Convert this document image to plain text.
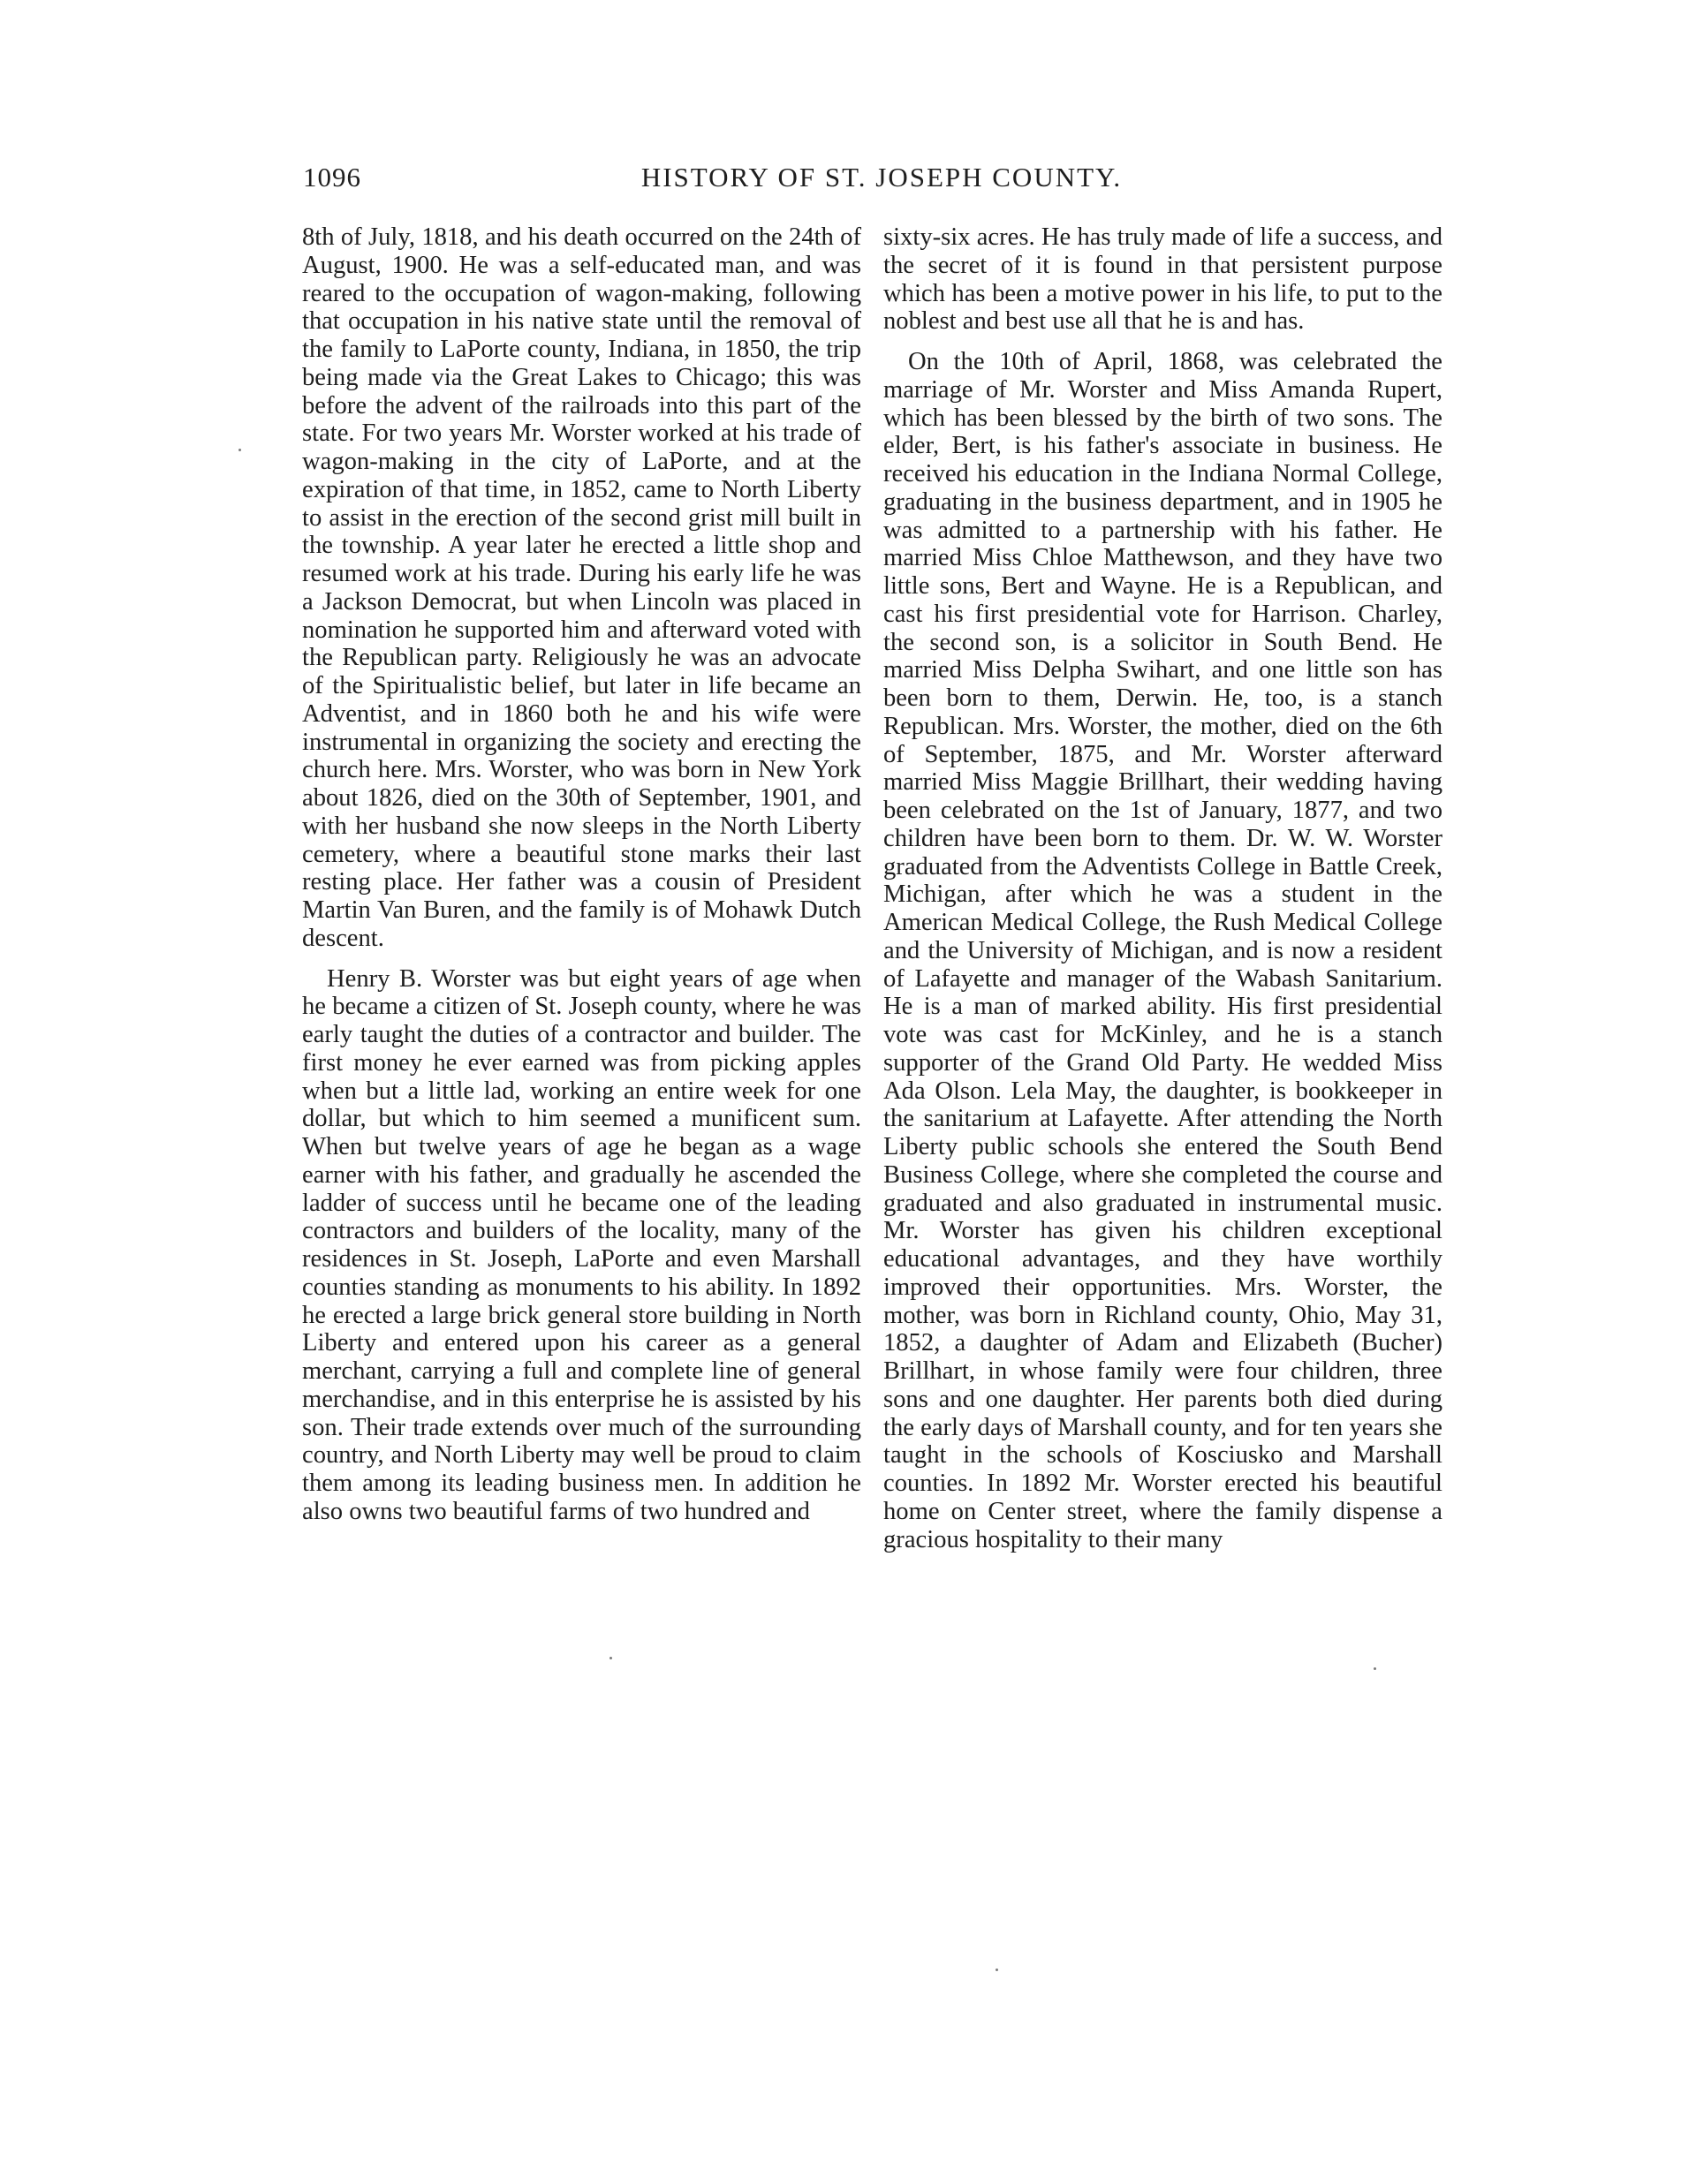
1096	HISTORY OF ST. JOSEPH COUNTY.

8th of July, 1818, and his death occurred on the 24th of August, 1900. He was a self-educated man, and was reared to the occupation of wagon-making, following that occupation in his native state until the removal of the family to LaPorte county, Indiana, in 1850, the trip being made via the Great Lakes to Chicago; this was before the advent of the railroads into this part of the state. For two years Mr. Worster worked at his trade of wagon-making in the city of LaPorte, and at the expiration of that time, in 1852, came to North Liberty to assist in the erection of the second grist mill built in the township. A year later he erected a little shop and resumed work at his trade. During his early life he was a Jackson Democrat, but when Lincoln was placed in nomination he supported him and afterward voted with the Republican party. Religiously he was an advocate of the Spiritualistic belief, but later in life became an Adventist, and in 1860 both he and his wife were instrumental in organizing the society and erecting the church here. Mrs. Worster, who was born in New York about 1826, died on the 30th of September, 1901, and with her husband she now sleeps in the North Liberty cemetery, where a beautiful stone marks their last resting place. Her father was a cousin of President Martin Van Buren, and the family is of Mohawk Dutch descent.

Henry B. Worster was but eight years of age when he became a citizen of St. Joseph county, where he was early taught the duties of a contractor and builder. The first money he ever earned was from picking apples when but a little lad, working an entire week for one dollar, but which to him seemed a munificent sum. When but twelve years of age he began as a wage earner with his father, and gradually he ascended the ladder of success until he became one of the leading contractors and builders of the locality, many of the residences in St. Joseph, LaPorte and even Marshall counties standing as monuments to his ability. In 1892 he erected a large brick general store building in North Liberty and entered upon his career as a general merchant, carrying a full and complete line of general merchandise, and in this enterprise he is assisted by his son. Their trade extends over much of the surrounding country, and North Liberty may well be proud to claim them among its leading business men. In addition he also owns two beautiful farms of two hundred and

sixty-six acres. He has truly made of life a success, and the secret of it is found in that persistent purpose which has been a motive power in his life, to put to the noblest and best use all that he is and has.

On the 10th of April, 1868, was celebrated the marriage of Mr. Worster and Miss Amanda Rupert, which has been blessed by the birth of two sons. The elder, Bert, is his father's associate in business. He received his education in the Indiana Normal College, graduating in the business department, and in 1905 he was admitted to a partnership with his father. He married Miss Chloe Matthewson, and they have two little sons, Bert and Wayne. He is a Republican, and cast his first presidential vote for Harrison. Charley, the second son, is a solicitor in South Bend. He married Miss Delpha Swihart, and one little son has been born to them, Derwin. He, too, is a stanch Republican. Mrs. Worster, the mother, died on the 6th of September, 1875, and Mr. Worster afterward married Miss Maggie Brillhart, their wedding having been celebrated on the 1st of January, 1877, and two children have been born to them. Dr. W. W. Worster graduated from the Adventists College in Battle Creek, Michigan, after which he was a student in the American Medical College, the Rush Medical College and the University of Michigan, and is now a resident of Lafayette and manager of the Wabash Sanitarium. He is a man of marked ability. His first presidential vote was cast for McKinley, and he is a stanch supporter of the Grand Old Party. He wedded Miss Ada Olson. Lela May, the daughter, is bookkeeper in the sanitarium at Lafayette. After attending the North Liberty public schools she entered the South Bend Business College, where she completed the course and graduated and also graduated in instrumental music. Mr. Worster has given his children exceptional educational advantages, and they have worthily improved their opportunities. Mrs. Worster, the mother, was born in Richland county, Ohio, May 31, 1852, a daughter of Adam and Elizabeth (Bucher) Brillhart, in whose family were four children, three sons and one daughter. Her parents both died during the early days of Marshall county, and for ten years she taught in the schools of Kosciusko and Marshall counties. In 1892 Mr. Worster erected his beautiful home on Center street, where the family dispense a gracious hospitality to their many
